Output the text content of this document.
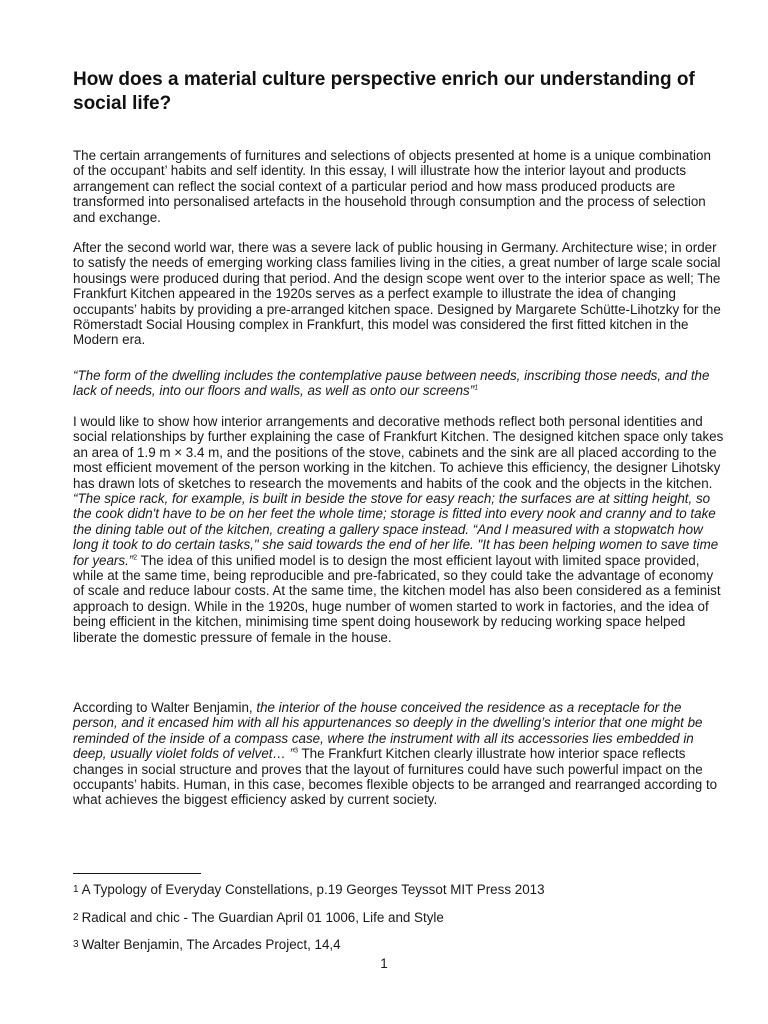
How does a material culture perspective enrich our understanding of social life?

The certain arrangements of furnitures and selections of objects presented at home is a unique combination of the occupant’ habits and self identity. In this essay, I will illustrate how the interior layout and products arrangement can reflect the social context of a particular period and how mass produced products are transformed into personalised artefacts in the household through consumption and the process of selection and exchange.

After the second world war, there was a severe lack of public housing in Germany. Architecture wise; in order to satisfy the needs of emerging working class families living in the cities, a great number of large scale social housings were produced during that period. And the design scope went over to the interior space as well; The Frankfurt Kitchen appeared in the 1920s serves as a perfect example to illustrate the idea of changing occupants’ habits by providing a pre-arranged kitchen space. Designed by Margarete Schütte-Lihotzky for the Römerstadt Social Housing complex in Frankfurt, this model was considered the first fitted kitchen in the Modern era.

“The form of the dwelling includes the contemplative pause between needs, inscribing those needs, and the lack of needs, into our floors and walls, as well as onto our screens”$^1$

I would like to show how interior arrangements and decorative methods reflect both personal identities and social relationships by further explaining the case of Frankfurt Kitchen. The designed kitchen space only takes an area of 1.9 m × 3.4 m, and the positions of the stove, cabinets and the sink are all placed according to the most efficient movement of the person working in the kitchen. To achieve this efficiency, the designer Lihotsky has drawn lots of sketches to research the movements and habits of the cook and the objects in the kitchen. “The spice rack, for example, is built in beside the stove for easy reach; the surfaces are at sitting height, so the cook didn't have to be on her feet the whole time; storage is fitted into every nook and cranny and to take the dining table out of the kitchen, creating a gallery space instead. “And I measured with a stopwatch how long it took to do certain tasks," she said towards the end of her life. "It has been helping women to save time for years.”$^2$ The idea of this unified model is to design the most efficient layout with limited space provided, while at the same time, being reproducible and pre-fabricated, so they could take the advantage of economy of scale and reduce labour costs. At the same time, the kitchen model has also been considered as a feminist approach to design. While in the 1920s, huge number of women started to work in factories, and the idea of being efficient in the kitchen, minimising time spent doing housework by reducing working space helped liberate the domestic pressure of female in the house.

According to Walter Benjamin, the interior of the house conceived the residence as a receptacle for the person, and it encased him with all his appurtenances so deeply in the dwelling’s interior that one might be reminded of the inside of a compass case, where the instrument with all its accessories lies embedded in deep, usually violet folds of velvet… ”$^3$ The Frankfurt Kitchen clearly illustrate how interior space reflects changes in social structure and proves that the layout of furnitures could have such powerful impact on the occupants’ habits. Human, in this case, becomes flexible objects to be arranged and rearranged according to what achieves the biggest efficiency asked by current society.

1 A Typology of Everyday Constellations, p.19 Georges Teyssot MIT Press 2013

2 Radical and chic - The Guardian April 01 1006, Life and Style

3 Walter Benjamin, The Arcades Project, 14,4

1
